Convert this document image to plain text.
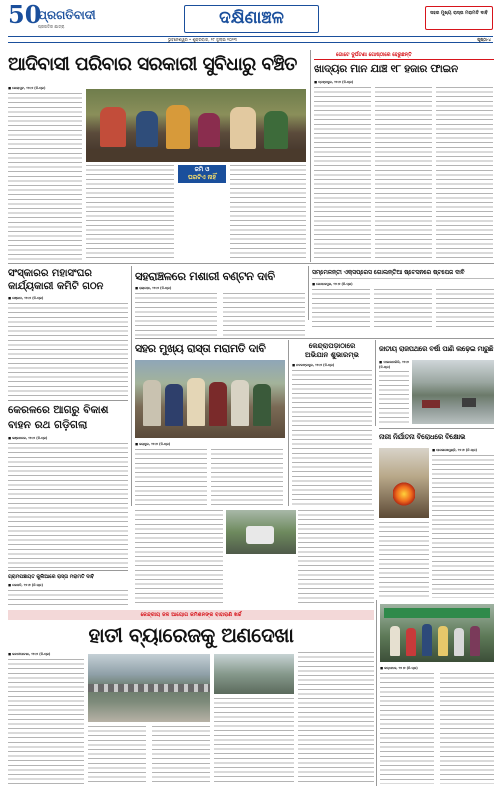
50
ପ୍ରଗତିବାଦୀ
ପ୍ରଗତିର ଯାତ୍ରା	ଦକ୍ଷିଣାଞ୍ଚଳ	ସହର ମୁଖ୍ୟ ରାସ୍ତା ମରାମତି ଦାବି
ଭୁବନେଶ୍ୱର • ଶୁକ୍ରବାର, ୨୮ ଜୁଲାଇ ୨୦୨୩	ପୃଷ୍ଠା-୪
ଆଦିବାସୀ ପରିବାର ସରକାରୀ ସୁବିଧାରୁ ବଞ୍ଚିତ
ଜମି ଓ
ଘରଟିଏ ନାହିଁ
■ କୋରାପୁଟ, ୨୭।୭ (ନି.ପ୍ର)
ଗୋଟେ ଦୁର୍ଘଟଣା ଗୋଷ୍ଠୀରେ ହେରୁଛନ୍ତି
ଖାଦ୍ୟର ମାନ ଯାଞ୍ଚ ୧୮ ହଜାର ଫାଇନ
■ ବ୍ରହ୍ମପୁର, ୨୭।୭ (ନି.ପ୍ର)
ସଂସ୍କାରର ମହାସଂଘର
କାର୍ଯ୍ୟକାରୀ କମିଟି ଗଠନ
■ ଗଞ୍ଜାମ, ୨୭।୭ (ନି.ପ୍ର)
ସହରାଞ୍ଚଳରେ ମଶାରୀ ବଣ୍ଟନ ଦାବି
■ ରାୟଗଡ଼ା, ୨୭।୭ (ନି.ପ୍ର)
ସମ୍ମେଳନ୍ତୀ ଏକ୍ସପ୍ରେସ ଗୋଲନ୍ତିଆ ଷ୍ଟେସନରେ ଷ୍ଟପେଜ ଦାବି
■ ଗୋପାଳପୁର, ୨୭।୭ (ନି.ପ୍ର)
ସହର ମୁଖ୍ୟ ରାସ୍ତା ମରାମତି ଦାବି
■ ଜୟପୁର, ୨୭।୭ (ନି.ପ୍ର)
କେନ୍ଦ୍ରାପଡ଼ାଠାରେ
ଅଭିଯାନ ଶୁଭାରମ୍ଭ
■ ନବରଙ୍ଗପୁର, ୨୭।୭ (ନି.ପ୍ର)
ଜାତୀୟ ରାଜପଥରେ ବର୍ଷା ପାଣି ଲଢ଼େଇ ମାରୁଛି
■ ମାଲକାନଗିରି, ୨୭।୭ (ନି.ପ୍ର)
କେରଳରେ ଆଗରୁ ବିକାଶ
ବାହନ ରଥ ଗଡ଼ିଗଲା
■ ଭଞ୍ଜନଗର, ୨୭।୭ (ନି.ପ୍ର)	ନାରୀ ନିର୍ଯାତନା ବିରୋଧରେ ବିକ୍ଷୋଭ
■ ପାରଳାଖେମୁଣ୍ଡି, ୨୭।୭ (ନି.ପ୍ର)
ଗ୍ରାମପଞ୍ଚାୟତ କୁଲିଆରେ ରାସ୍ତା ମରାମତି ଦାବି
■ ଗଜପତି, ୨୭।୭ (ନି.ପ୍ର)
କେନ୍ଦ୍ରୀୟ ଜଳ ଆୟୋଗ କମିଶନଙ୍କ ବାହାରାଣି ଖର୍ଚ୍ଚ
ହାତୀ ବ୍ୟାରେଜକୁ ଅଣଦେଖା
■ ଭବାନୀପାଟଣା, ୨୭।୭ (ନି.ପ୍ର)
■ କନ୍ଧମାଳ, ୨୭।୭ (ନି.ପ୍ର)
